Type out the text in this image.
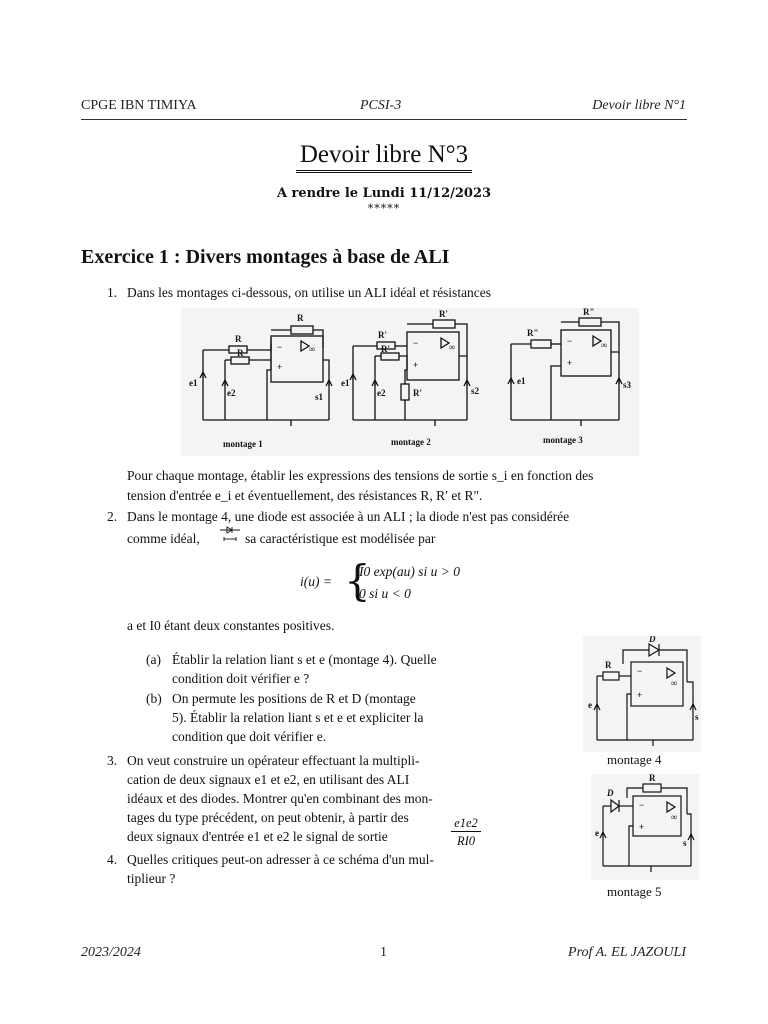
CPGE IBN TIMIYA	PCSI-3	Devoir libre N°1
Devoir libre N°3
A rendre le Lundi 11/12/2023
*****
Exercice 1 : Divers montages à base de ALI
1. Dans les montages ci-dessous, on utilise un ALI idéal et résistances
R
R
R
−
+
∞
e1
e2	s1
R'
R'
R'
R'
−
+
∞
e1
e2	s2
R"
R"
−
+
∞
e1	s3
montage 1	montage 2	montage 3
Pour chaque montage, établir les expressions des tensions de sortie s_i en fonction des
tension d'entrée e_i et éventuellement, des résistances R, R′ et R".
2. Dans le montage 4, une diode est associée à un ALI ; la diode n'est pas considérée
comme idéal,	sa caractéristique est modélisée par
i(u) = {
I0 exp(au) si u > 0
0 si u < 0
a et I0 étant deux constantes positives.
(a) Établir la relation liant s et e (montage 4). Quelle
condition doit vérifier e ?
(b) On permute les positions de R et D (montage
5). Établir la relation liant s et e et expliciter la
condition que doit vérifier e.
3. On veut construire un opérateur effectuant la multipli-
cation de deux signaux e1 et e2, en utilisant des ALI
idéaux et des diodes. Montrer qu'en combinant des mon-
tages du type précédent, on peut obtenir, à partir des
deux signaux d'entrée e1 et e2 le signal de sortie
e1e2
RI0
4. Quelles critiques peut-on adresser à ce schéma d'un mul-
tiplieur ?
D
R
e
s
−
+
∞
montage 4
D
R
e
s
−
+
∞
montage 5
2023/2024	1	Prof A. EL JAZOULI
